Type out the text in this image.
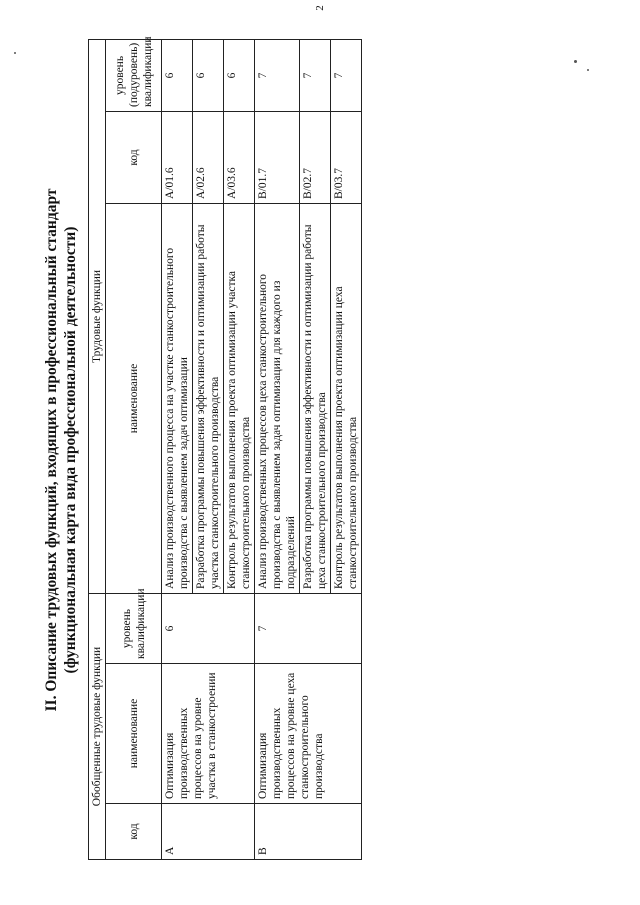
2
II. Описание трудовых функций, входящих в профессиональный стандарт (функциональная карта вида профессиональной деятельности)
Обобщенные трудовые функции			Трудовые функции		
код	наименование	уровень квалификации	наименование	код	уровень (подуровень) квалификации
А	Оптимизация производственных процессов на уровне участка в станкостроении	6	Анализ производственного процесса на участке станкостроительного производства с выявлением задач оптимизации	А/01.6	6
			Разработка программы повышения эффективности и оптимизации работы участка станкостроительного производства	А/02.6	6
			Контроль результатов выполнения проекта оптимизации участка станкостроительного производства	А/03.6	6
В	Оптимизация производственных процессов на уровне цеха станкостроительного производства	7	Анализ производственных процессов цеха станкостроительного производства с выявлением задач оптимизации для каждого из подразделений	В/01.7	7
			Разработка программы повышения эффективности и оптимизации работы цеха станкостроительного производства	В/02.7	7
			Контроль результатов выполнения проекта оптимизации цеха станкостроительного производства	В/03.7	7
